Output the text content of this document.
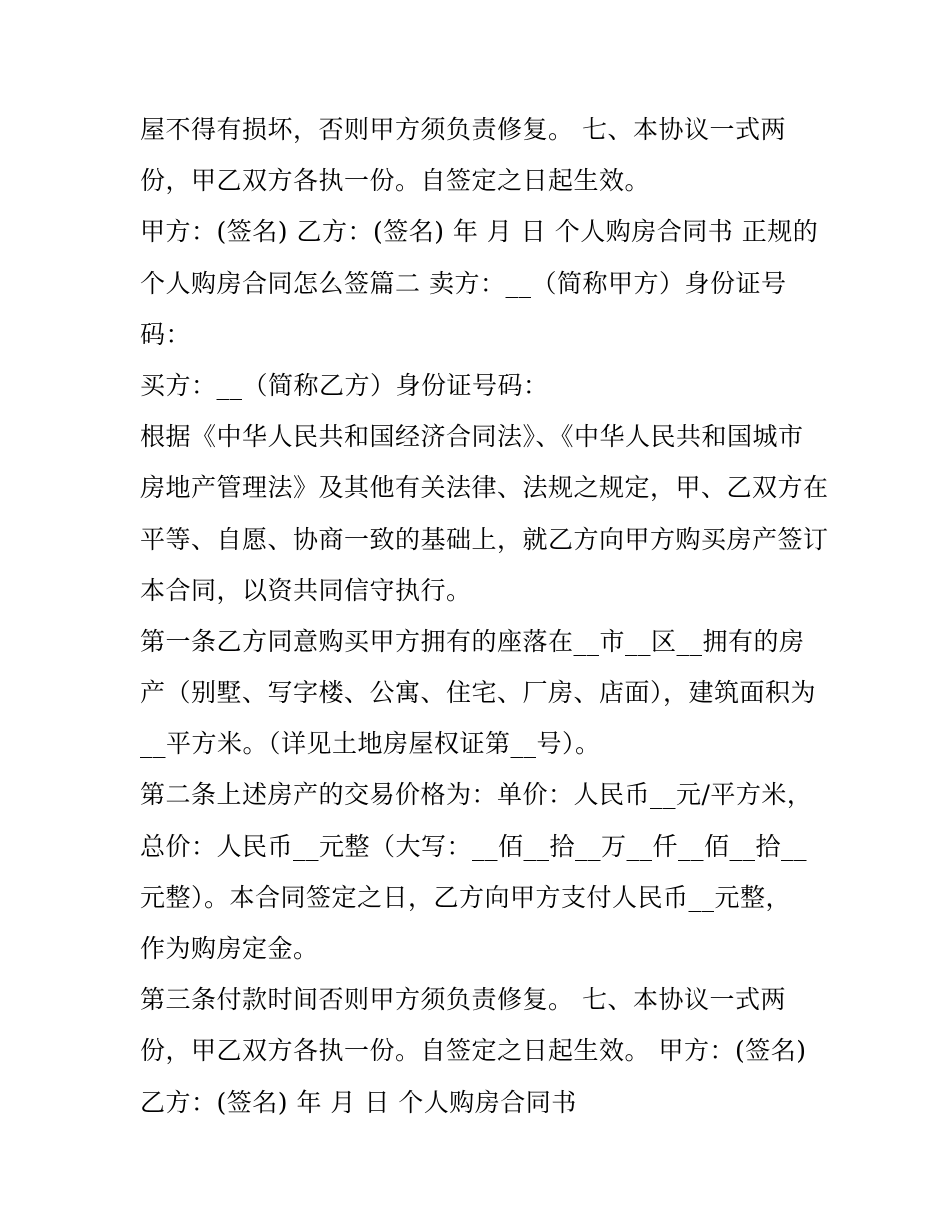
屋不得有损坏，否则甲方须负责修复。 七、本协议一式两
份，甲乙双方各执一份。自签定之日起生效。
甲方：(签名) 乙方：(签名) 年 月 日 个人购房合同书 正规的
个人购房合同怎么签篇二 卖方：__（简称甲方）身份证号
码：
买方：__（简称乙方）身份证号码：
根据《中华人民共和国经济合同法》、《中华人民共和国城市
房地产管理法》及其他有关法律、法规之规定，甲、乙双方在
平等、自愿、协商一致的基础上，就乙方向甲方购买房产签订
本合同，以资共同信守执行。
第一条乙方同意购买甲方拥有的座落在__市__区__拥有的房
产（别墅、写字楼、公寓、住宅、厂房、店面），建筑面积为
__平方米。（详见土地房屋权证第__号）。
第二条上述房产的交易价格为：单价：人民币__元/平方米，
总价：人民币__元整（大写：__佰__拾__万__仟__佰__拾__
元整）。本合同签定之日，乙方向甲方支付人民币__元整，
作为购房定金。
第三条付款时间否则甲方须负责修复。 七、本协议一式两
份，甲乙双方各执一份。自签定之日起生效。 甲方：(签名)
乙方：(签名) 年 月 日 个人购房合同书
